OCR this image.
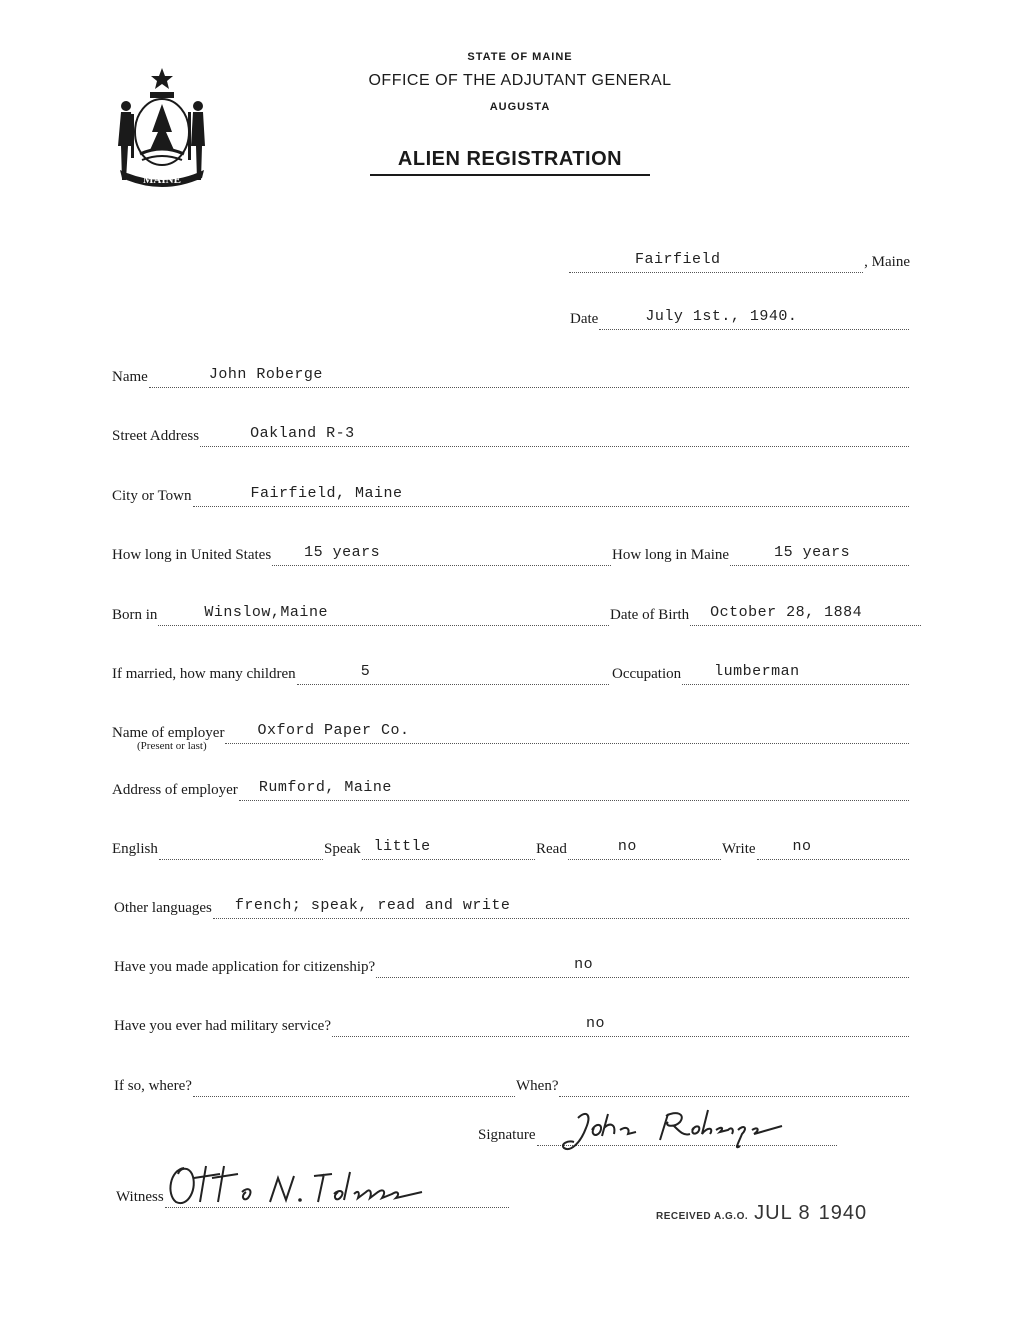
MAINE
STATE OF MAINE
OFFICE OF THE ADJUTANT GENERAL
AUGUSTA
ALIEN REGISTRATION
Fairfield	, Maine
Date	July 1st., 1940.
Name	John Roberge
Street Address	Oakland R-3
City or Town	Fairfield, Maine
How long in United States 15 years	How long in Maine	15 years
Born in	Winslow,Maine	Date of Birth October 28, 1884
If married, how many children	5	Occupation lumberman
Name of employer Oxford Paper Co.
(Present or last)
Address of employer Rumford, Maine
English	Speak little	Read	no	Write no
Other languages french; speak, read and write
Have you made application for citizenship?	no
Have you ever had military service?	no
If so, where?	When?
Signature
Witness
RECEIVED A.G.O. JUL 8 1940
